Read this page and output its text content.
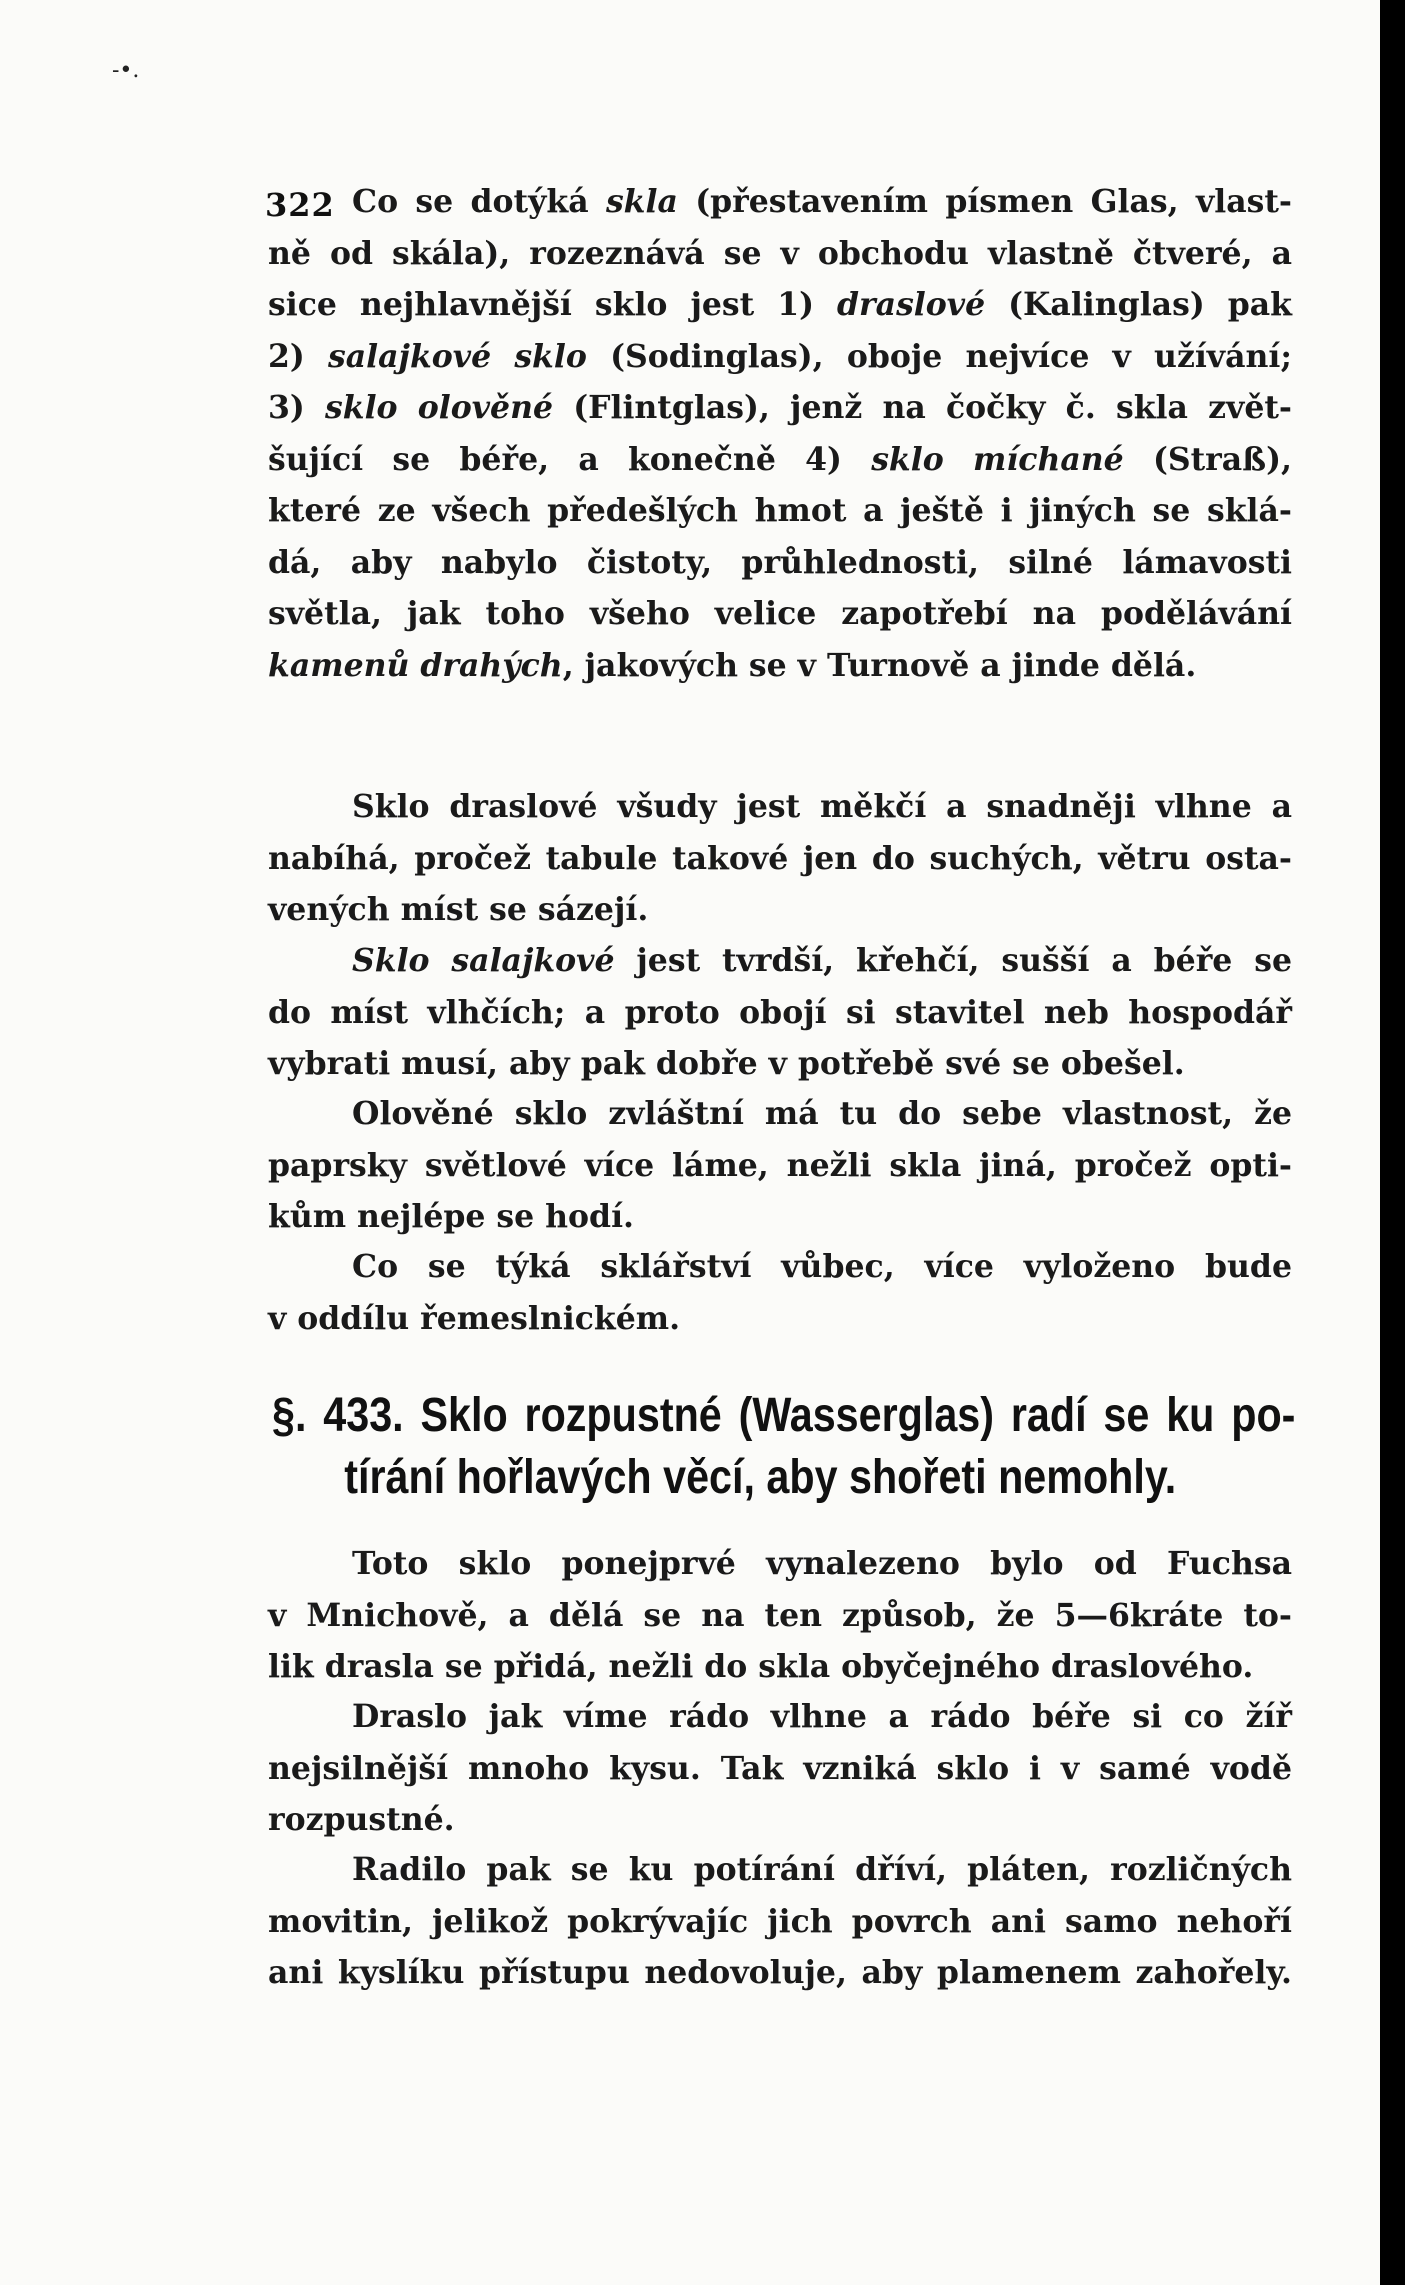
-•.
322 Co se dotýká skla (přestavením písmen Glas, vlast-
ně od skála), rozeznává se v obchodu vlastně čtveré, a
sice nejhlavnější sklo jest 1) draslové (Kalinglas) pak
2) salajkové sklo (Sodinglas), oboje nejvíce v užívání;
3) sklo olověné (Flintglas), jenž na čočky č. skla zvět-
šující se béře, a konečně 4) sklo míchané (Straß),
které ze všech předešlých hmot a ještě i jiných se sklá-
dá, aby nabylo čistoty, průhlednosti, silné lámavosti
světla, jak toho všeho velice zapotřebí na podělávání
kamenů drahých, jakových se v Turnově a jinde dělá.

Sklo draslové všudy jest měkčí a snadněji vlhne a
nabíhá, pročež tabule takové jen do suchých, větru osta-
vených míst se sázejí.

Sklo salajkové jest tvrdší, křehčí, sušší a béře se
do míst vlhčích; a proto obojí si stavitel neb hospodář
vybrati musí, aby pak dobře v potřebě své se obešel.

Olověné sklo zvláštní má tu do sebe vlastnost, že
paprsky světlové více láme, nežli skla jiná, pročež opti-
kům nejlépe se hodí.

Co se týká sklářství vůbec, více vyloženo bude
v oddílu řemeslnickém.

§. 433. Sklo rozpustné (Wasserglas) radí se ku po-
tírání hořlavých věcí, aby shořeti nemohly.

Toto sklo ponejprvé vynalezeno bylo od Fuchsa
v Mnichově, a dělá se na ten způsob, že 5—6kráte to-
lik drasla se přidá, nežli do skla obyčejného draslového.

Draslo jak víme rádo vlhne a rádo béře si co žíř
nejsilnější mnoho kysu. Tak vzniká sklo i v samé vodě
rozpustné.

Radilo pak se ku potírání dříví, pláten, rozličných
movitin, jelikož pokrývajíc jich povrch ani samo nehoří
ani kyslíku přístupu nedovoluje, aby plamenem zahořely.
